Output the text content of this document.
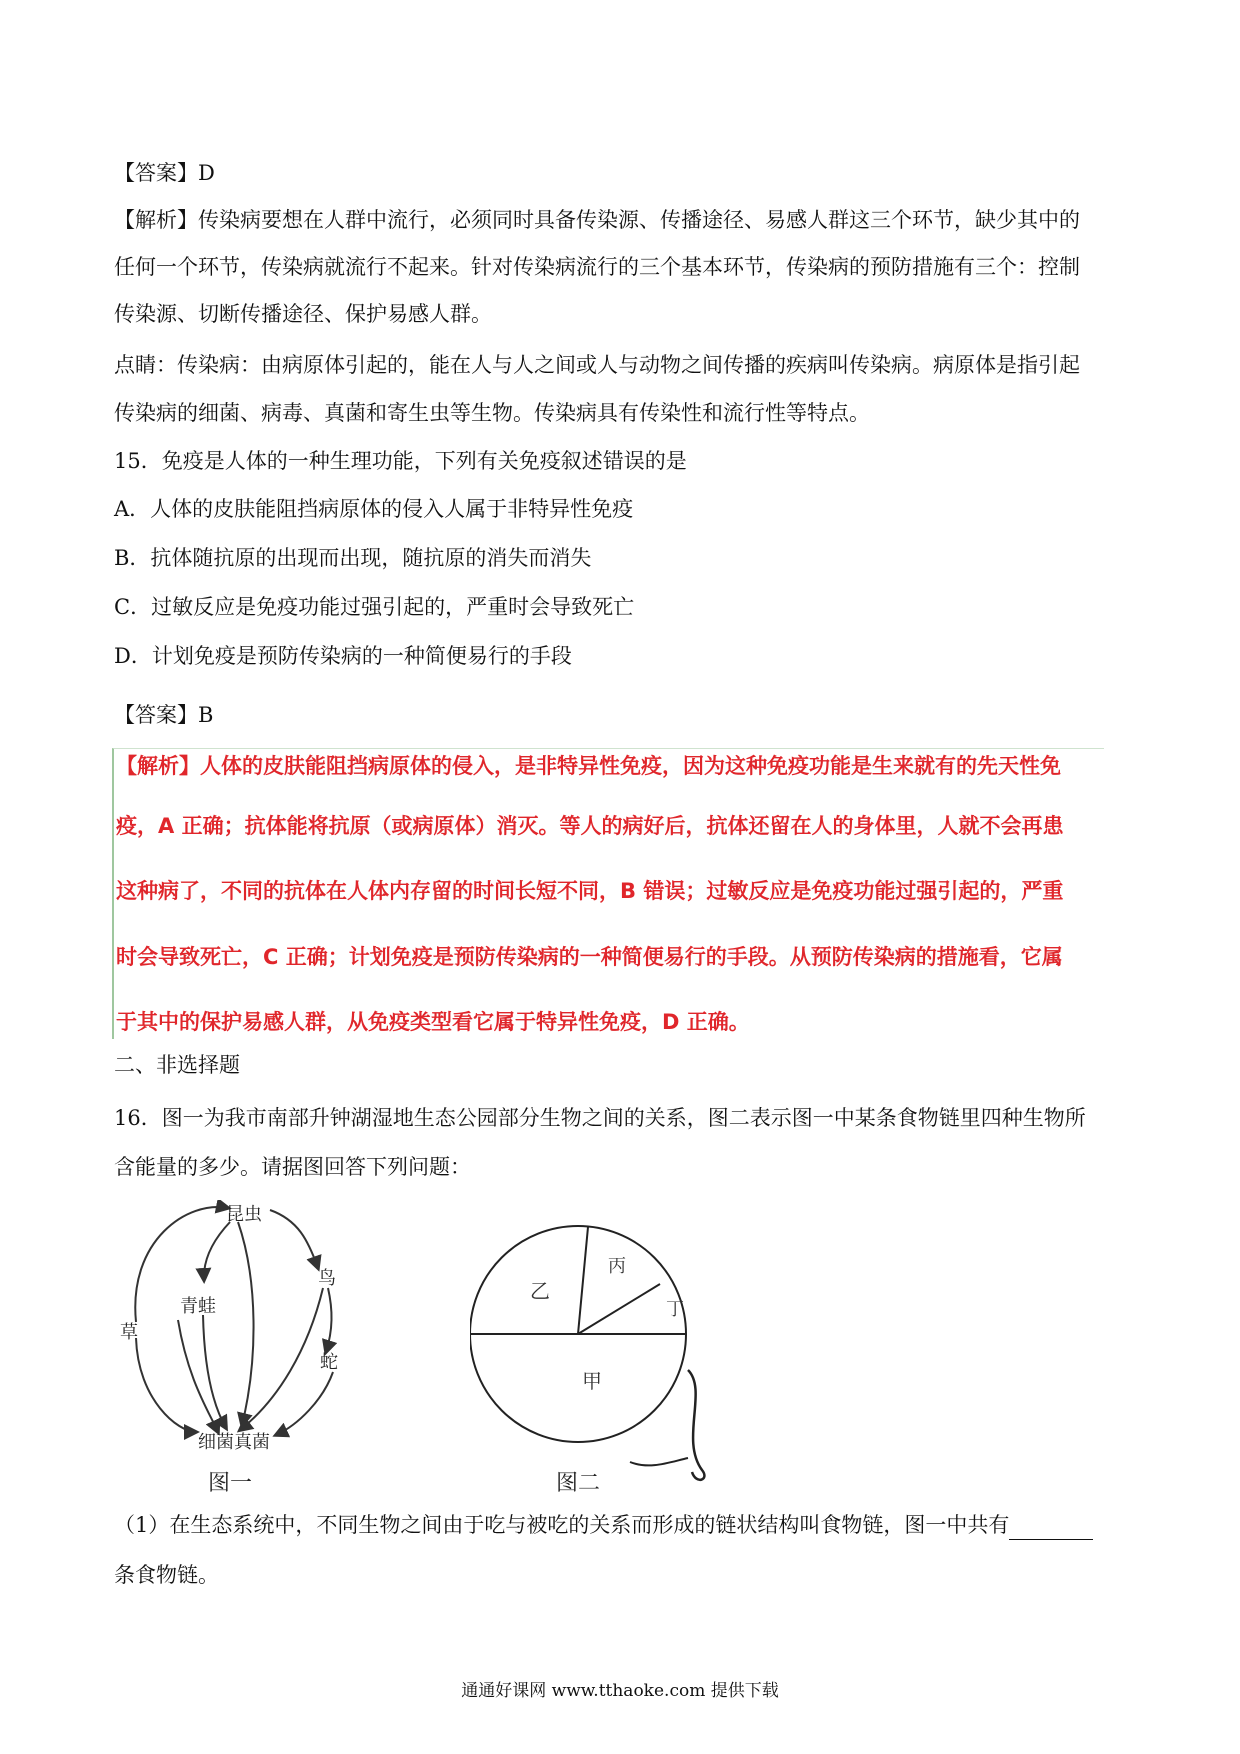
【答案】D
【解析】传染病要想在人群中流行，必须同时具备传染源、传播途径、易感人群这三个环节，缺少其中的
任何一个环节，传染病就流行不起来。针对传染病流行的三个基本环节，传染病的预防措施有三个：控制
传染源、切断传播途径、保护易感人群。
点睛：传染病：由病原体引起的，能在人与人之间或人与动物之间传播的疾病叫传染病。病原体是指引起
传染病的细菌、病毒、真菌和寄生虫等生物。传染病具有传染性和流行性等特点。
15．免疫是人体的一种生理功能，下列有关免疫叙述错误的是
A．人体的皮肤能阻挡病原体的侵入人属于非特异性免疫
B．抗体随抗原的出现而出现，随抗原的消失而消失
C．过敏反应是免疫功能过强引起的，严重时会导致死亡
D．计划免疫是预防传染病的一种简便易行的手段
【答案】B
【解析】人体的皮肤能阻挡病原体的侵入，是非特异性免疫，因为这种免疫功能是生来就有的先天性免
疫，A 正确；抗体能将抗原（或病原体）消灭。等人的病好后，抗体还留在人的身体里，人就不会再患
这种病了，不同的抗体在人体内存留的时间长短不同，B 错误；过敏反应是免疫功能过强引起的，严重
时会导致死亡，C 正确；计划免疫是预防传染病的一种简便易行的手段。从预防传染病的措施看，它属
于其中的保护易感人群，从免疫类型看它属于特异性免疫，D 正确。
二、非选择题
16．图一为我市南部升钟湖湿地生态公园部分生物之间的关系，图二表示图一中某条食物链里四种生物所
含能量的多少。请据图回答下列问题：
昆虫
草
青蛙
鸟
蛇
细菌真菌
图一
乙
丙
丁
甲
图二
（1）在生态系统中，不同生物之间由于吃与被吃的关系而形成的链状结构叫食物链，图一中共有
条食物链。
通通好课网 www.tthaoke.com 提供下载
